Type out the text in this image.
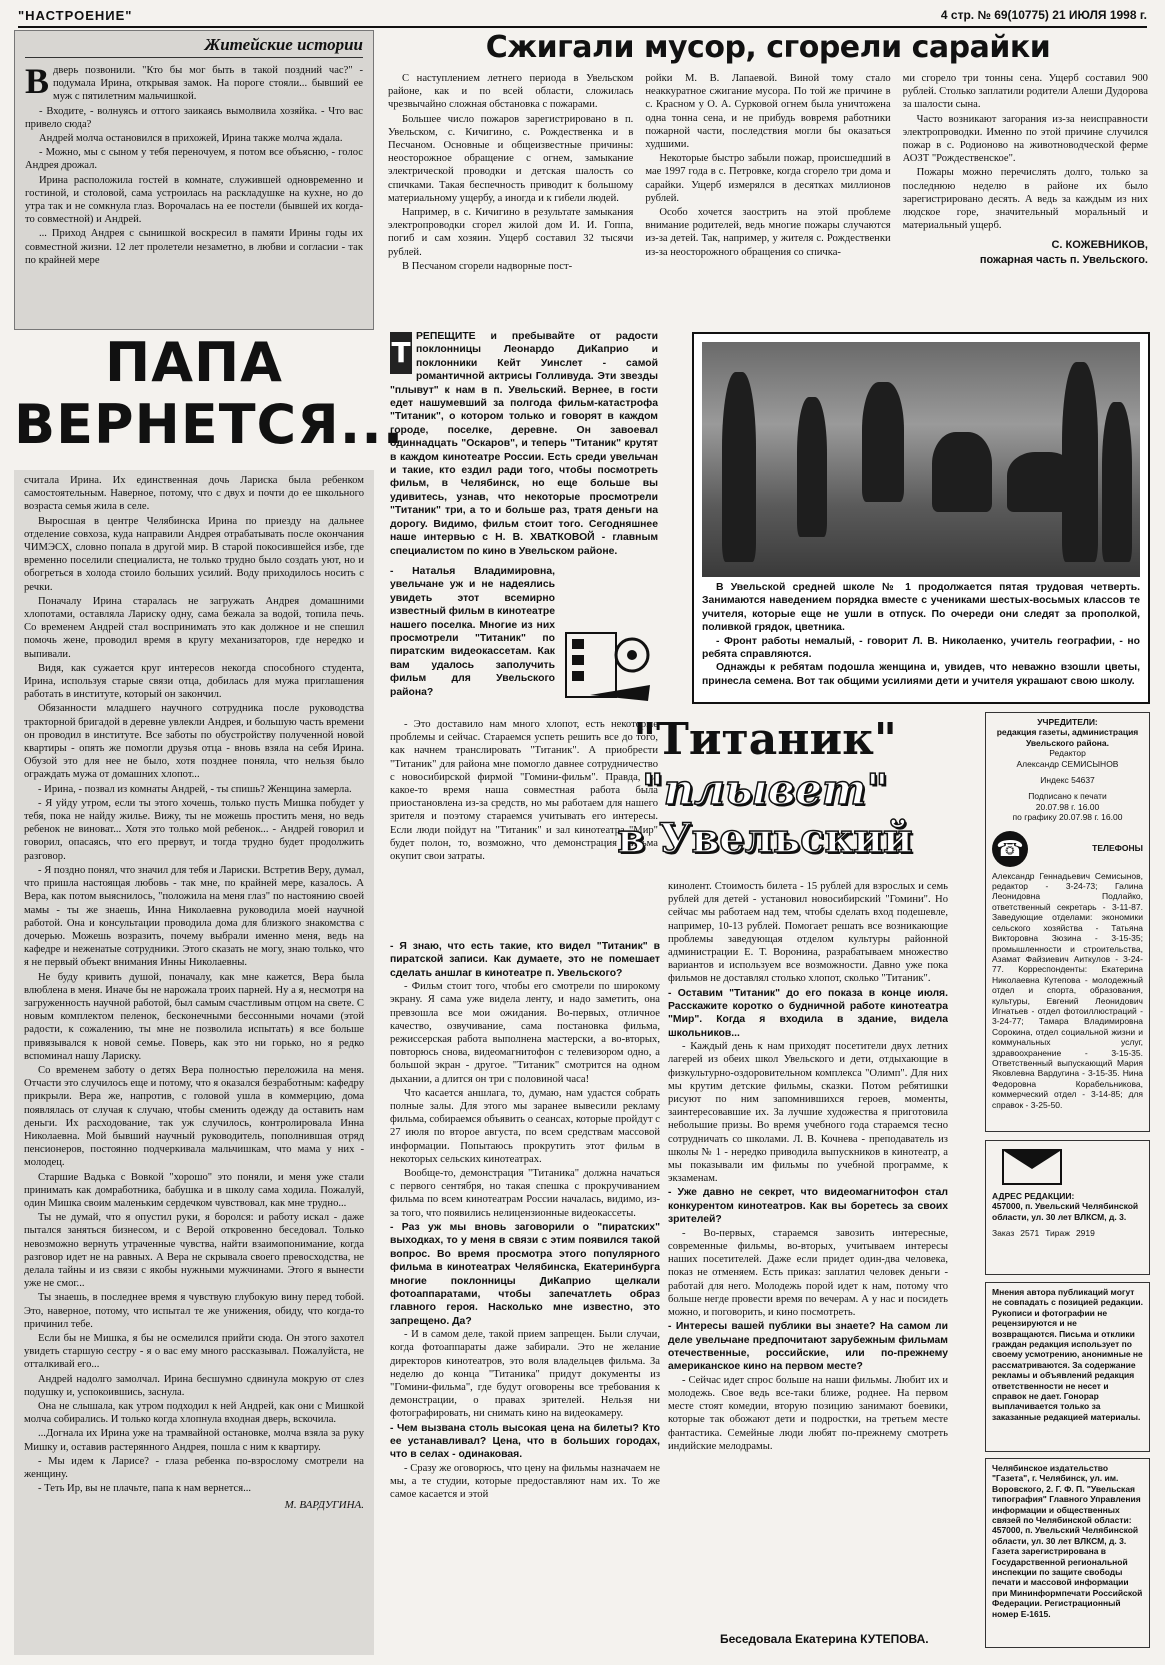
"НАСТРОЕНИЕ"	4 стр. № 69(10775) 21 ИЮЛЯ 1998 г.
Житейские истории
В дверь позвонили. "Кто бы мог быть в такой поздний час?" - подумала Ирина, открывая замок. На пороге стояли... бывший ее муж с пятилетним мальчишкой.

- Входите, - волнуясь и оттого заикаясь вымолвила хозяйка. - Что вас привело сюда?

Андрей молча остановился в прихожей, Ирина также молча ждала.

- Можно, мы с сыном у тебя переночуем, я потом все объясню, - голос Андрея дрожал.

Ирина расположила гостей в комнате, служившей одновременно и гостиной, и столовой, сама устроилась на раскладушке на кухне, но до утра так и не сомкнула глаз. Ворочалась на ее постели (бывшей их когда-то совместной) и Андрей.

... Приход Андрея с сынишкой воскресил в памяти Ирины годы их совместной жизни. 12 лет пролетели незаметно, в любви и согласии - так по крайней мере

ПАПА ВЕРНЕТСЯ...

считала Ирина. Их единственная дочь Лариска была ребенком самостоятельным. Наверное, потому, что с двух и почти до ее школьного возраста семья жила в селе.

Выросшая в центре Челябинска Ирина по приезду на дальнее отделение совхоза, куда направили Андрея отрабатывать после окончания ЧИМЭСХ, словно попала в другой мир. В старой покосившейся избе, где временно поселили специалиста, не только трудно было создать уют, но и обогреться в холода стоило больших усилий. Воду приходилось носить с речки.

Поначалу Ирина старалась не загружать Андрея домашними хлопотами, оставляла Лариску одну, сама бежала за водой, топила печь. Со временем Андрей стал воспринимать это как должное и не спешил помочь жене, проводил время в кругу механизаторов, где нередко и выпивали.

Видя, как сужается круг интересов некогда способного студента, Ирина, используя старые связи отца, добилась для мужа приглашения работать в институте, который он закончил.

Обязанности младшего научного сотрудника после руководства тракторной бригадой в деревне увлекли Андрея, и большую часть времени он проводил в институте. Все заботы по обустройству полученной новой квартиры - опять же помогли друзья отца - вновь взяла на себя Ирина. Обузой это для нее не было, хотя позднее поняла, что нельзя было ограждать мужа от домашних хлопот...

- Ирина, - позвал из комнаты Андрей, - ты спишь? Женщина замерла.

- Я уйду утром, если ты этого хочешь, только пусть Мишка побудет у тебя, пока не найду жилье. Вижу, ты не можешь простить меня, но ведь ребенок не виноват... Хотя это только мой ребенок... - Андрей говорил и говорил, опасаясь, что его прервут, и тогда трудно будет продолжить разговор.

- Я поздно понял, что значил для тебя и Лариски. Встретив Веру, думал, что пришла настоящая любовь - так мне, по крайней мере, казалось. А Вера, как потом выяснилось, "положила на меня глаз" по настоянию своей мамы - ты же знаешь, Инна Николаевна руководила моей научной работой. Она и консультации проводила дома для близкого знакомства с дочерью. Можешь возразить, почему выбрали именно меня, ведь на кафедре и неженатые сотрудники. Этого сказать не могу, знаю только, что я не первый объект внимания Инны Николаевны.

Не буду кривить душой, поначалу, как мне кажется, Вера была влюблена в меня. Иначе бы не нарожала троих парней. Ну а я, несмотря на загруженность научной работой, был самым счастливым отцом на свете. С новым комплектом пеленок, бесконечными бессонными ночами (этой радости, к сожалению, ты мне не позволила испытать) я все больше привязывался к новой семье. Поверь, как это ни горько, но я редко вспоминал нашу Лариску.

Со временем заботу о детях Вера полностью переложила на меня. Отчасти это случилось еще и потому, что я оказался безработным: кафедру прикрыли. Вера же, напротив, с головой ушла в коммерцию, дома появлялась от случая к случаю, чтобы сменить одежду да оставить нам деньги. Их расходование, так уж случилось, контролировала Инна Николаевна. Мой бывший научный руководитель, пополнившая отряд пенсионеров, постоянно подчеркивала мальчишкам, что мама у них - молодец.

Старшие Вадька с Вовкой "хорошо" это поняли, и меня уже стали принимать как домработника, бабушка и в школу сама ходила. Пожалуй, один Мишка своим маленьким сердечком чувствовал, как мне трудно...

Ты не думай, что я опустил руки, я боролся: и работу искал - даже пытался заняться бизнесом, и с Верой откровенно беседовал. Только невозможно вернуть утраченные чувства, найти взаимопонимание, когда разговор идет не на равных. А Вера не скрывала своего превосходства, не делала тайны и из связи с якобы нужными мужчинами. Этого я вынести уже не смог...

Ты знаешь, в последнее время я чувствую глубокую вину перед тобой. Это, наверное, потому, что испытал те же унижения, обиду, что когда-то причинил тебе.

Если бы не Мишка, я бы не осмелился прийти сюда. Он этого захотел увидеть старшую сестру - я о вас ему много рассказывал. Пожалуйста, не отталкивай его...

Андрей надолго замолчал. Ирина бесшумно сдвинула мокрую от слез подушку и, успокоившись, заснула.

Она не слышала, как утром подходил к ней Андрей, как они с Мишкой молча собирались. И только когда хлопнула входная дверь, вскочила.

...Догнала их Ирина уже на трамвайной остановке, молча взяла за руку Мишку и, оставив растерянного Андрея, пошла с ним к квартиру.

- Мы идем к Ларисе? - глаза ребенка по-взрослому смотрели на женщину.

- Теть Ир, вы не плачьте, папа к нам вернется...

М. ВАРДУГИНА.
Сжигали мусор, сгорели сарайки

С наступлением летнего периода в Увельском районе, как и по всей области, сложилась чрезвычайно сложная обстановка с пожарами.

Большее число пожаров зарегистрировано в п. Увельском, с. Кичигино, с. Рождественка и в Песчаном. Основные и общеизвестные причины: неосторожное обращение с огнем, замыкание электрической проводки и детская шалость со спичками. Такая беспечность приводит к большому материальному ущербу, а иногда и к гибели людей.

Например, в с. Кичигино в результате замыкания электропроводки сгорел жилой дом И. И. Гоппа, погиб и сам хозяин. Ущерб составил 32 тысячи рублей.

В Песчаном сгорели надворные пост-

ройки М. В. Лапаевой. Виной тому стало неаккуратное сжигание мусора. По той же причине в с. Красном у О. А. Сурковой огнем была уничтожена одна тонна сена, и не прибудь вовремя работники пожарной части, последствия могли бы оказаться худшими.

Некоторые быстро забыли пожар, происшедший в мае 1997 года в с. Петровке, когда сгорело три дома и сарайки. Ущерб измерялся в десятках миллионов рублей.

Особо хочется заострить на этой проблеме внимание родителей, ведь многие пожары случаются из-за детей. Так, например, у жителя с. Рождественки из-за неосторожного обращения со спичка-

ми сгорело три тонны сена. Ущерб составил 900 рублей. Столько заплатили родители Алеши Дудорова за шалости сына.

Часто возникают загорания из-за неисправности электропроводки. Именно по этой причине случился пожар в с. Родионово на животноводческой ферме АОЗТ "Рождественское".

Пожары можно перечислять долго, только за последнюю неделю в районе их было зарегистрировано десять. А ведь за каждым из них людское горе, значительный моральный и материальный ущерб.

С. КОЖЕВНИКОВ,
пожарная часть п. Увельского.

В Увельской средней школе № 1 продолжается пятая трудовая четверть. Занимаются наведением порядка вместе с учениками шестых-восьмых классов те учителя, которые еще не ушли в отпуск. По очереди они следят за прополкой, поливкой грядок, цветника.

- Фронт работы немалый, - говорит Л. В. Николаенко, учитель географии, - но ребята справляются.

Однажды к ребятам подошла женщина и, увидев, что неважно взошли цветы, принесла семена. Вот так общими усилиями дети и учителя украшают свою школу.

Т РЕПЕЩИТЕ и пребывайте от радости поклонницы Леонардо ДиКаприо и поклонники Кейт Уинслет - самой романтичной актрисы Голливуда. Эти звезды "плывут" к нам в п. Увельский. Вернее, в гости едет нашумевший за полгода фильм-катастрофа "Титаник", о котором только и говорят в каждом городе, поселке, деревне. Он завоевал одиннадцать "Оскаров", и теперь "Титаник" крутят в каждом кинотеатре России. Есть среди увельчан и такие, кто ездил ради того, чтобы посмотреть фильм, в Челябинск, но еще больше вы удивитесь, узнав, что некоторые просмотрели "Титаник" три, а то и больше раз, тратя деньги на дорогу. Видимо, фильм стоит того. Сегодняшнее наше интервью с Н. В. ХВАТКОВОЙ - главным специалистом по кино в Увельском районе.
- Наталья Владимировна, увельчане уж и не надеялись увидеть этот всемирно известный фильм в кинотеатре нашего поселка. Многие из них просмотрели "Титаник" по пиратским видеокассетам. Как вам удалось заполучить фильм для Увельского района?

- Это доставило нам много хлопот, есть некоторые проблемы и сейчас. Стараемся успеть решить все до того, как начнем транслировать "Титаник". А приобрести "Титаник" для района мне помогло давнее сотрудничество с новосибирской фирмой "Гомини-фильм". Правда, на какое-то время наша совместная работа была приостановлена из-за средств, но мы работаем для нашего зрителя и поэтому стараемся учитывать его интересы. Если люди пойдут на "Титаник" и зал кинотеатра "Мир" будет полон, то, возможно, что демонстрация фильма окупит свои затраты.

- Я знаю, что есть такие, кто видел "Титаник" в пиратской записи. Как думаете, это не помешает сделать аншлаг в кинотеатре п. Увельского?

- Фильм стоит того, чтобы его смотрели по широкому экрану. Я сама уже видела ленту, и надо заметить, она превзошла все мои ожидания. Во-первых, отличное качество, озвучивание, сама постановка фильма, режиссерская работа выполнена мастерски, а во-вторых, повторюсь снова, видеомагнитофон с телевизором одно, а большой экран - другое. "Титаник" смотрится на одном дыхании, а длится он три с половиной часа!

Что касается аншлага, то, думаю, нам удастся собрать полные залы. Для этого мы заранее вывесили рекламу фильма, собираемся объявить о сеансах, которые пройдут с 27 июля по второе августа, по всем средствам массовой информации. Попытаюсь прокрутить этот фильм в некоторых сельских кинотеатрах.

Вообще-то, демонстрация "Титаника" должна начаться с первого сентября, но такая спешка с прокручиванием фильма по всем кинотеатрам России началась, видимо, из-за того, что появились нелицензионные видеокассеты.

- Раз уж мы вновь заговорили о "пиратских" выходках, то у меня в связи с этим появился такой вопрос. Во время просмотра этого популярного фильма в кинотеатрах Челябинска, Екатеринбурга многие поклонницы ДиКаприо щелкали фотоаппаратами, чтобы запечатлеть образ главного героя. Насколько мне известно, это запрещено. Да?

- И в самом деле, такой прием запрещен. Были случаи, когда фотоаппараты даже забирали. Это не желание директоров кинотеатров, это воля владельцев фильма. За неделю до конца "Титаника" придут документы из "Гомини-фильма", где будут оговорены все требования к демонстрации, о правах зрителей. Нельзя ни фотографировать, ни снимать кино на видеокамеру.

- Чем вызвана столь высокая цена на билеты? Кто ее устанавливал? Цена, что в больших городах, что в селах - одинаковая.

- Сразу же оговорюсь, что цену на фильмы назначаем не мы, а те студии, которые предоставляют нам их. То же самое касается и этой

"Титаник"
"плывет"
в Увельский

кинолент. Стоимость билета - 15 рублей для взрослых и семь рублей для детей - установил новосибирский "Гомини". Но сейчас мы работаем над тем, чтобы сделать вход подешевле, например, 10-13 рублей. Помогает решать все возникающие проблемы заведующая отделом культуры районной администрации Е. Т. Воронина, разрабатываем множество вариантов и используем все возможности. Давно уже пока фильмов не доставлял столько хлопот, сколько "Титаник".

- Оставим "Титаник" до его показа в конце июля. Расскажите коротко о будничной работе кинотеатра "Мир". Когда я входила в здание, видела школьников...

- Каждый день к нам приходят посетители двух летних лагерей из обеих школ Увельского и дети, отдыхающие в физкультурно-оздоровительном комплекса "Олимп". Для них мы крутим детские фильмы, сказки. Потом ребятишки рисуют по ним запомнившихся героев, моменты, заинтересовавшие их. За лучшие художества я приготовила небольшие призы. Во время учебного года стараемся тесно сотрудничать со школами. Л. В. Кочнева - преподаватель из школы № 1 - нередко приводила выпускников в кинотеатр, а мы показывали им фильмы по учебной программе, к экзаменам.

- Уже давно не секрет, что видеомагнитофон стал конкурентом кинотеатров. Как вы боретесь за своих зрителей?

- Во-первых, стараемся завозить интересные, современные фильмы, во-вторых, учитываем интересы наших посетителей. Даже если придет один-два человека, показ не отменяем. Есть приказ: заплатил человек деньги - работай для него. Молодежь порой идет к нам, потому что больше негде провести время по вечерам. А у нас и посидеть можно, и поговорить, и кино посмотреть.

- Интересы вашей публики вы знаете? На самом ли деле увельчане предпочитают зарубежным фильмам отечественные, российские, или по-прежнему американское кино на первом месте?

- Сейчас идет спрос больше на наши фильмы. Любит их и молодежь. Свое ведь все-таки ближе, роднее. На первом месте стоят комедии, вторую позицию занимают боевики, которые так обожают дети и подростки, на третьем месте фантастика. Семейные люди любят по-прежнему смотреть индийские мелодрамы.

Беседовала Екатерина КУТЕПОВА.
УЧРЕДИТЕЛИ:
редакция газеты, администрация Увельского района.
Редактор
Александр СЕМИСЫНОВ
Индекс 54637
Подписано к печати
20.07.98 г. 16.00
по графику 20.07.98 г. 16.00
☎	ТЕЛЕФОНЫ
Александр Геннадьевич Семисынов, редактор - 3-24-73; Галина Леонидовна Подлайко, ответственный секретарь - 3-11-87. Заведующие отделами: экономики сельского хозяйства - Татьяна Викторовна Зюзина - 3-15-35; промышленности и строительства, Азамат Файзиевич Аиткулов - 3-24-77. Корреспонденты: Екатерина Николаевна Кутепова - молодежный отдел и спорта, образования, культуры, Евгений Леонидович Игнатьев - отдел фотоиллюстраций - 3-24-77; Тамара Владимировна Сорокина, отдел социальной жизни и коммунальных услуг, здравоохранение - 3-15-35. Ответственный выпускающий Мария Яковлевна Вардугина - 3-15-35. Нина Федоровна Корабельникова, коммерческий отдел - 3-14-85; для справок - 3-25-50.
АДРЕС РЕДАКЦИИ:
457000, п. Увельский Челябинской области, ул. 30 лет ВЛКСМ, д. 3.
Заказ 2571 Тираж 2919
Мнения автора публикаций могут не совпадать с позицией редакции. Рукописи и фотографии не рецензируются и не возвращаются. Письма и отклики граждан редакция использует по своему усмотрению, анонимные не рассматриваются. За содержание рекламы и объявлений редакция ответственности не несет и справок не дает. Гонорар выплачивается только за заказанные редакцией материалы.
Челябинское издательство "Газета", г. Челябинск, ул. им. Воровского, 2. Г. Ф. П. "Увельская типография" Главного Управления информации и общественных связей по Челябинской области: 457000, п. Увельский Челябинской области, ул. 30 лет ВЛКСМ, д. 3. Газета зарегистрирована в Государственной региональной инспекции по защите свободы печати и массовой информации при Мининформпечати Российской Федерации. Регистрационный номер Е-1615.
